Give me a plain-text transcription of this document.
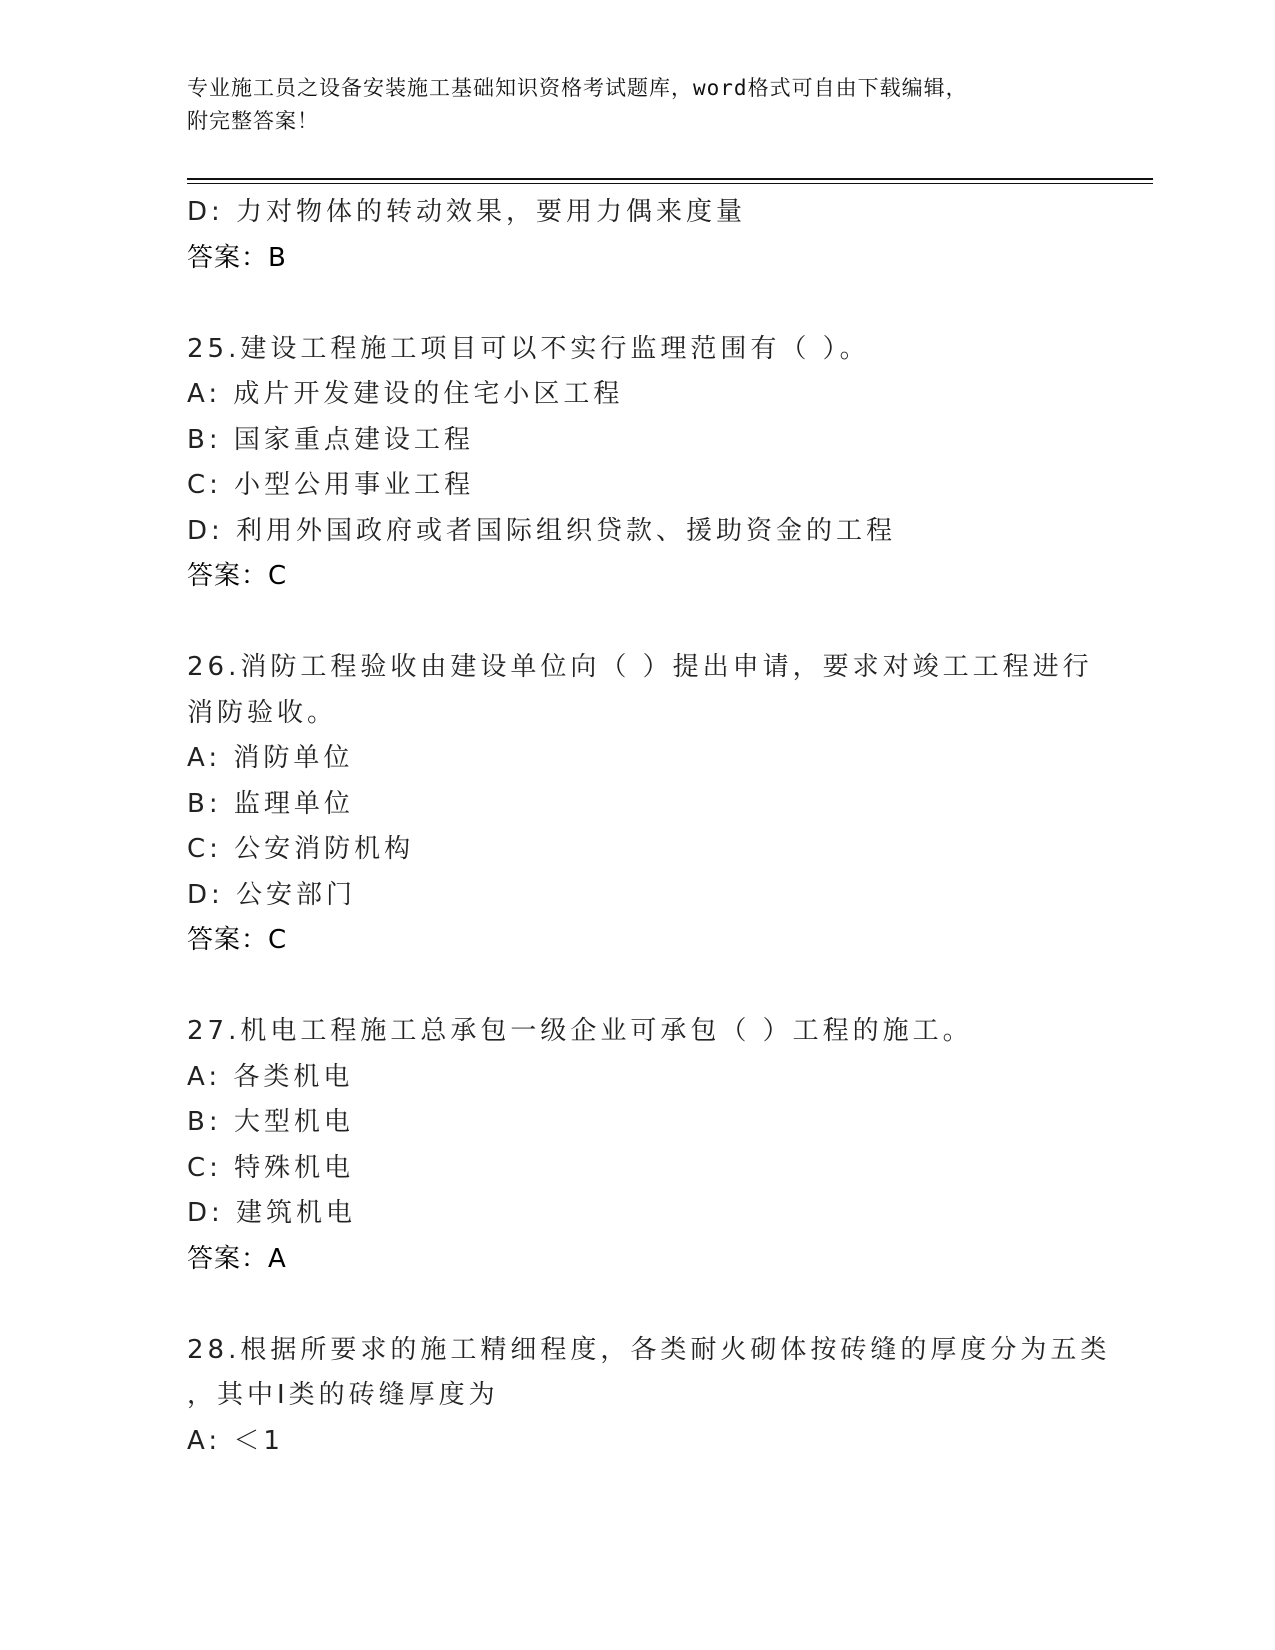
专业施工员之设备安装施工基础知识资格考试题库，word格式可自由下载编辑，
附完整答案！
D: 力对物体的转动效果，要用力偶来度量
答案：B
25.建设工程施工项目可以不实行监理范围有（ ）。
A: 成片开发建设的住宅小区工程
B: 国家重点建设工程
C: 小型公用事业工程
D: 利用外国政府或者国际组织贷款、援助资金的工程
答案：C
26.消防工程验收由建设单位向（ ）提出申请，要求对竣工工程进行
消防验收。
A: 消防单位
B: 监理单位
C: 公安消防机构
D: 公安部门
答案：C
27.机电工程施工总承包一级企业可承包（ ）工程的施工。
A: 各类机电
B: 大型机电
C: 特殊机电
D: 建筑机电
答案：A
28.根据所要求的施工精细程度，各类耐火砌体按砖缝的厚度分为五类
，其中Ⅰ类的砖缝厚度为
A: ＜1
